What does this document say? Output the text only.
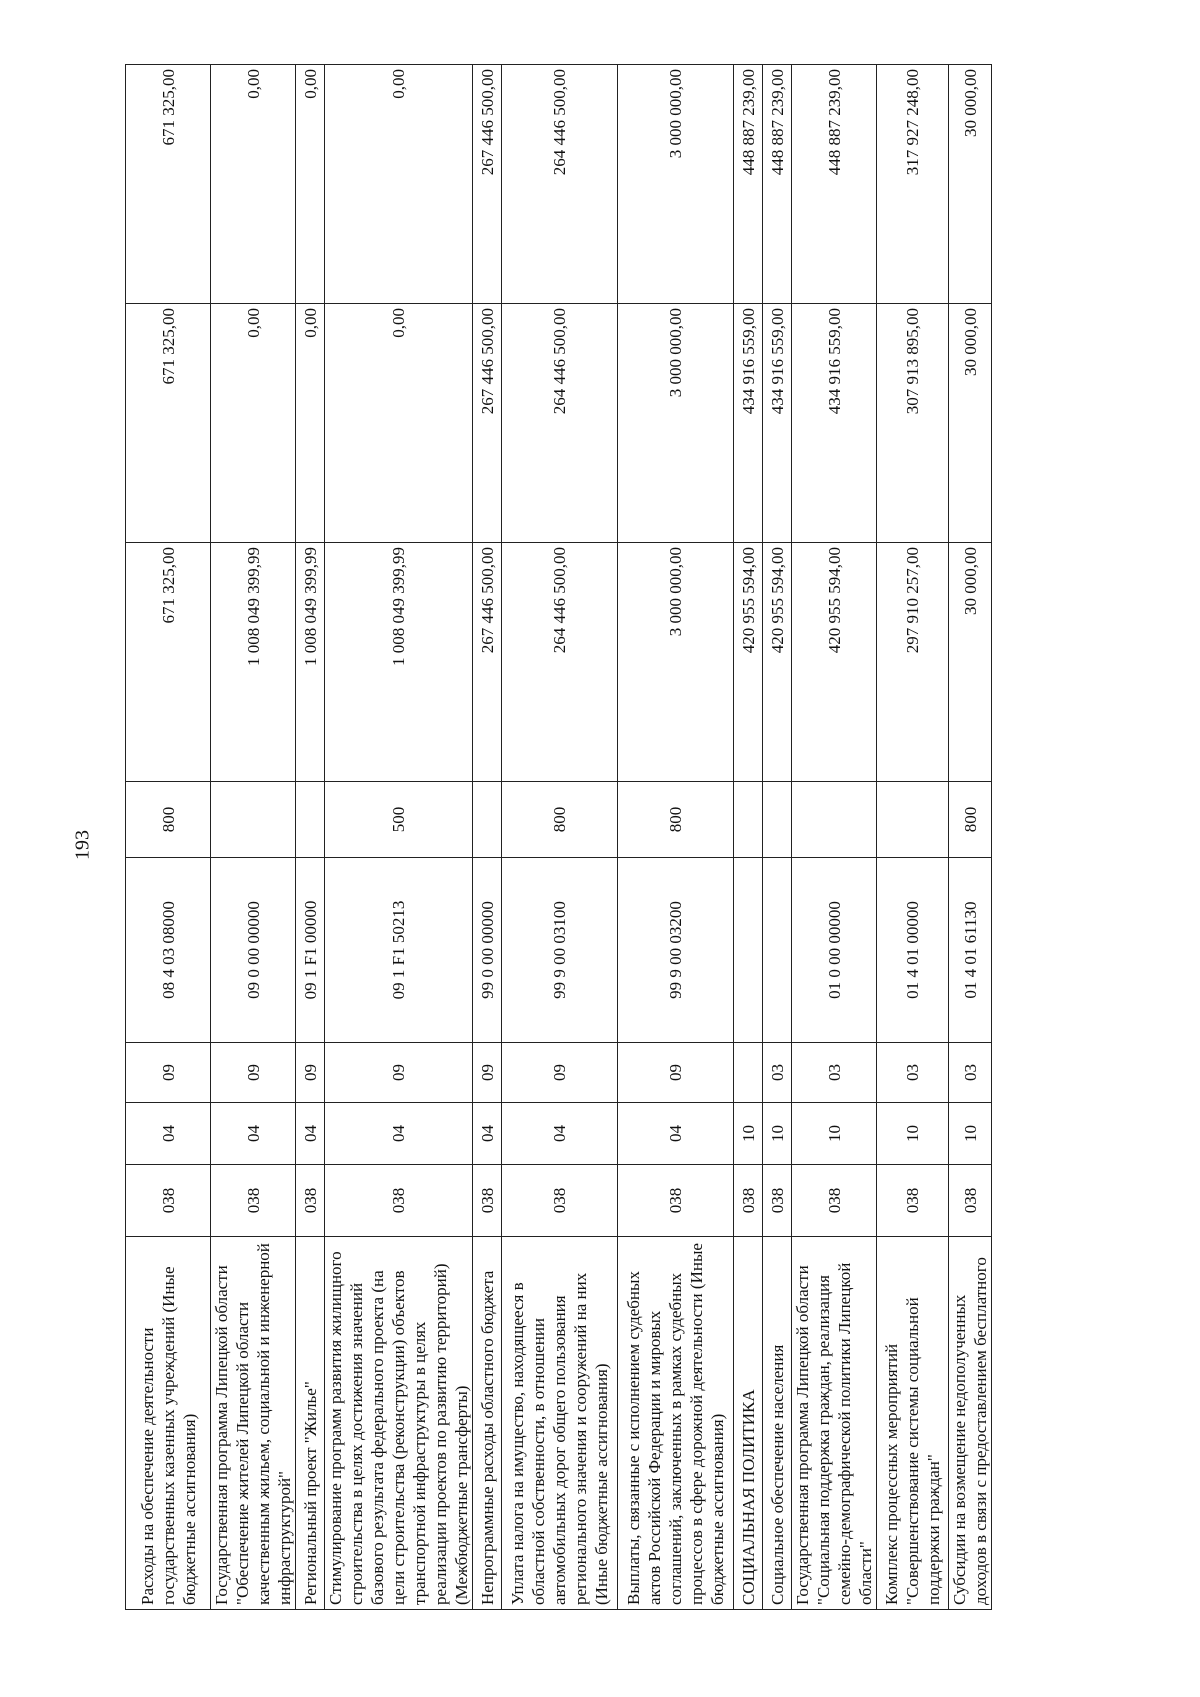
193
Расходы на обеспечение деятельности государственных казенных учреждений (Иные бюджетные ассигнования)	038	04	09	08 4 03 08000	800	671 325,00	671 325,00	671 325,00
Государственная программа Липецкой области "Обеспечение жителей Липецкой области качественным жильем, социальной и инженерной инфраструктурой"	038	04	09	09 0 00 00000		1 008 049 399,99	0,00	0,00
Региональный проект "Жилье"	038	04	09	09 1 F1 00000		1 008 049 399,99	0,00	0,00
Стимулирование программ развития жилищного строительства в целях достижения значений базового результата федерального проекта (на цели строительства (реконструкции) объектов транспортной инфраструктуры в целях реализации проектов по развитию территорий) (Межбюджетные трансферты)	038	04	09	09 1 F1 50213	500	1 008 049 399,99	0,00	0,00
Непрограммные расходы областного бюджета	038	04	09	99 0 00 00000		267 446 500,00	267 446 500,00	267 446 500,00
Уплата налога на имущество, находящееся в областной собственности, в отношении автомобильных дорог общего пользования регионального значения и сооружений на них (Иные бюджетные ассигнования)	038	04	09	99 9 00 03100	800	264 446 500,00	264 446 500,00	264 446 500,00
Выплаты, связанные с исполнением судебных актов Российской Федерации и мировых соглашений, заключенных в рамках судебных процессов в сфере дорожной деятельности (Иные бюджетные ассигнования)	038	04	09	99 9 00 03200	800	3 000 000,00	3 000 000,00	3 000 000,00
СОЦИАЛЬНАЯ ПОЛИТИКА	038	10				420 955 594,00	434 916 559,00	448 887 239,00
Социальное обеспечение населения	038	10	03			420 955 594,00	434 916 559,00	448 887 239,00
Государственная программа Липецкой области "Социальная поддержка граждан, реализация семейно-демографической политики Липецкой области"	038	10	03	01 0 00 00000		420 955 594,00	434 916 559,00	448 887 239,00
Комплекс процессных мероприятий "Совершенствование системы социальной поддержки граждан"	038	10	03	01 4 01 00000		297 910 257,00	307 913 895,00	317 927 248,00
Субсидии на возмещение недополученных доходов в связи с предоставлением бесплатного	038	10	03	01 4 01 61130	800	30 000,00	30 000,00	30 000,00
